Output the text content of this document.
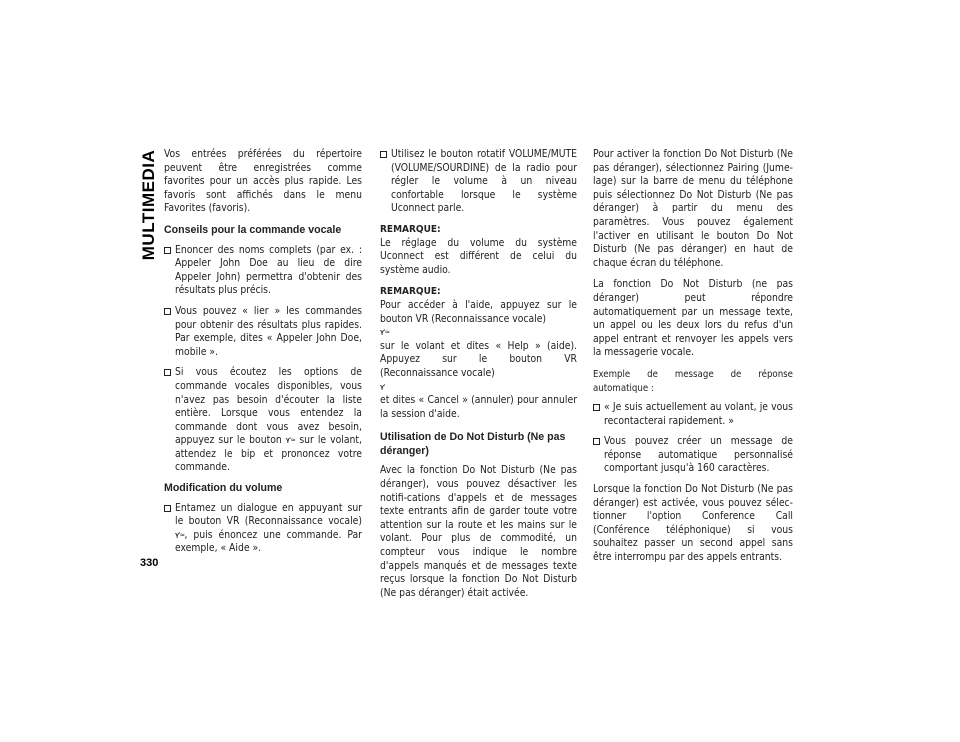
MULTIMEDIA Vos entrées préférées du répertoire peuvent être enregistrées comme favorites pour un accès plus rapide. Les favoris sont affichés dans le menu Favorites (favoris).

Conseils pour la commande vocale
Enoncer des noms complets (par ex. : Appeler John Doe au lieu de dire Appeler John) permettra d'obtenir des résultats plus précis.
Vous pouvez « lier » les commandes pour obtenir des résultats plus rapides. Par exemple, dites « Appeler John Doe, mobile ».
Si vous écoutez les options de commande vocales disponibles, vous n'avez pas besoin d'écouter la liste entière. Lorsque vous entendez la commande dont vous avez besoin, appuyez sur le bouton 𝛄'≈ sur le volant, attendez le bip et prononcez votre commande.
Modification du volume
Entamez un dialogue en appuyant sur le bouton VR (Reconnaissance vocale) 𝛄'≈, puis énoncez une commande. Par exemple, « Aide ».
Utilisez le bouton rotatif VOLUME/MUTE (VOLUME/SOURDINE) de la radio pour régler le volume à un niveau confortable lorsque le système Uconnect parle.
REMARQUE:
Le réglage du volume du système Uconnect est différent de celui du système audio.
REMARQUE:
Pour accéder à l'aide, appuyez sur le bouton VR (Reconnaissance vocale)
𝛄'≈
sur le volant et dites « Help » (aide). Appuyez sur le bouton VR (Reconnaissance vocale)
𝛄'
et dites « Cancel » (annuler) pour annuler la session d'aide.
Utilisation de Do Not Disturb (Ne pas déranger)

Avec la fonction Do Not Disturb (Ne pas déranger), vous pouvez désactiver les notifi-cations d'appels et de messages texte entrants afin de garder toute votre attention sur la route et les mains sur le volant. Pour plus de commodité, un compteur vous indique le nombre d'appels manqués et de messages texte reçus lorsque la fonction Do Not Disturb (Ne pas déranger) était activée.

Pour activer la fonction Do Not Disturb (Ne pas déranger), sélectionnez Pairing (Jume-lage) sur la barre de menu du téléphone puis sélectionnez Do Not Disturb (Ne pas déranger) à partir du menu des paramètres. Vous pouvez également l'activer en utilisant le bouton Do Not Disturb (Ne pas déranger) en haut de chaque écran du téléphone.

La fonction Do Not Disturb (ne pas déranger) peut répondre automatiquement par un message texte, un appel ou les deux lors du refus d'un appel entrant et renvoyer les appels vers la messagerie vocale.

Exemple de message de réponse automatique :

« Je suis actuellement au volant, je vous recontacterai rapidement. »
Vous pouvez créer un message de réponse automatique personnalisé comportant jusqu'à 160 caractères.

Lorsque la fonction Do Not Disturb (Ne pas déranger) est activée, vous pouvez sélec-tionner l'option Conference Call (Conférence téléphonique) si vous souhaitez passer un second appel sans être interrompu par des appels entrants.

330
